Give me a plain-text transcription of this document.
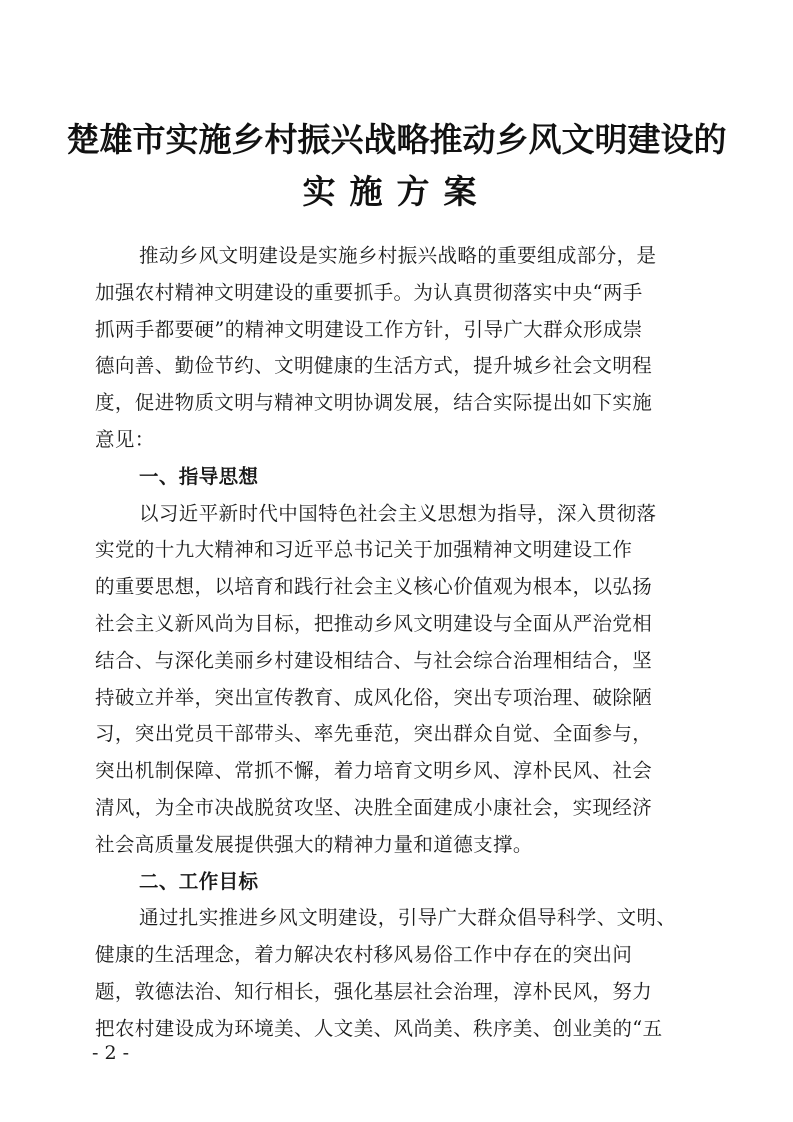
楚雄市实施乡村振兴战略推动乡风文明建设的
实施方案
推动乡风文明建设是实施乡村振兴战略的重要组成部分，是
加强农村精神文明建设的重要抓手。为认真贯彻落实中央“两手
抓两手都要硬”的精神文明建设工作方针，引导广大群众形成崇
德向善、勤俭节约、文明健康的生活方式，提升城乡社会文明程
度，促进物质文明与精神文明协调发展，结合实际提出如下实施
意见：
一、指导思想
以习近平新时代中国特色社会主义思想为指导，深入贯彻落
实党的十九大精神和习近平总书记关于加强精神文明建设工作
的重要思想，以培育和践行社会主义核心价值观为根本，以弘扬
社会主义新风尚为目标，把推动乡风文明建设与全面从严治党相
结合、与深化美丽乡村建设相结合、与社会综合治理相结合，坚
持破立并举，突出宣传教育、成风化俗，突出专项治理、破除陋
习，突出党员干部带头、率先垂范，突出群众自觉、全面参与，
突出机制保障、常抓不懈，着力培育文明乡风、淳朴民风、社会
清风，为全市决战脱贫攻坚、决胜全面建成小康社会，实现经济
社会高质量发展提供强大的精神力量和道德支撑。
二、工作目标
通过扎实推进乡风文明建设，引导广大群众倡导科学、文明、
健康的生活理念，着力解决农村移风易俗工作中存在的突出问
题，敦德法治、知行相长，强化基层社会治理，淳朴民风，努力
把农村建设成为环境美、人文美、风尚美、秩序美、创业美的“五
- 2 -
